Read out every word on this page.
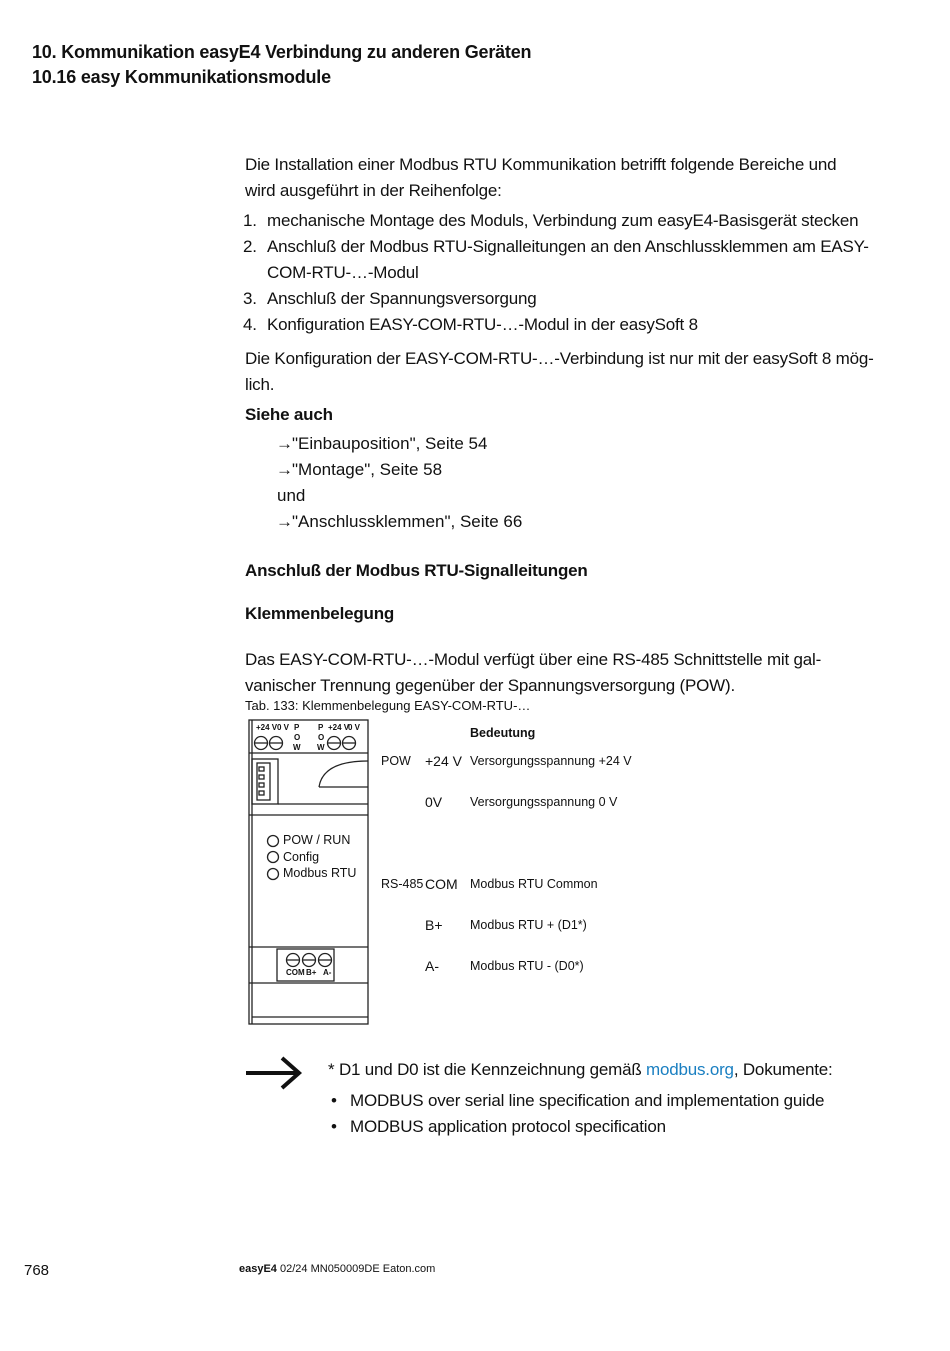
10. Kommunikation easyE4 Verbindung zu anderen Geräten
10.16 easy Kommunikationsmodule
Die Installation einer Modbus RTU Kommunikation betrifft folgende Bereiche und wird ausgeführt in der Reihenfolge:
1. mechanische Montage des Moduls, Verbindung zum easyE4-Basisgerät stecken
2. Anschluß der Modbus RTU-Signalleitungen an den Anschlussklemmen am EASY-
COM-RTU-…-Modul
3. Anschluß der Spannungsversorgung
4. Konfiguration EASY-COM-RTU-…-Modul in der easySoft 8
Die Konfiguration der EASY-COM-RTU-…-Verbindung ist nur mit der easySoft 8 mög-
lich.
Siehe auch
→"Einbauposition", Seite 54
→"Montage", Seite 58
und
→"Anschlussklemmen", Seite 66
Anschluß der Modbus RTU-Signalleitungen
Klemmenbelegung
Das EASY-COM-RTU-…-Modul verfügt über eine RS-485 Schnittstelle mit gal-
vanischer Trennung gegenüber der Spannungsversorgung (POW).
Tab. 133: Klemmenbelegung EASY-COM-RTU-…
+24 V 0 V P
O
W
P
O
W
+24 V
0 V
POW / RUN
Config
Modbus RTU
COM B+ A-
Bedeutung
POW +24 V Versorgungsspannung +24 V
0V Versorgungsspannung 0 V
RS-485 COM Modbus RTU Common
B+ Modbus RTU + (D1*)
A- Modbus RTU - (D0*)
* D1 und D0 ist die Kennzeichnung gemäß modbus.org, Dokumente:
• MODBUS over serial line specification and implementation guide
• MODBUS application protocol specification
768	easyE4 02/24 MN050009DE Eaton.com
